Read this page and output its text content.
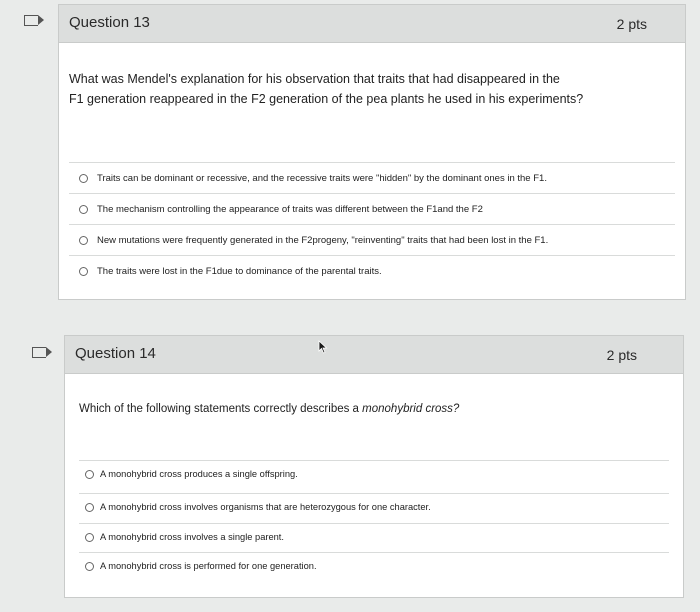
Question 13	2 pts
What was Mendel's explanation for his observation that traits that had disappeared in the
F1 generation reappeared in the F2 generation of the pea plants he used in his experiments?
Traits can be dominant or recessive, and the recessive traits were "hidden" by the dominant ones in the F1.
The mechanism controlling the appearance of traits was different between the F1and the F2
New mutations were frequently generated in the F2progeny, "reinventing" traits that had been lost in the F1.
The traits were lost in the F1due to dominance of the parental traits.
Question 14	2 pts
Which of the following statements correctly describes a monohybrid cross?
A monohybrid cross produces a single offspring.
A monohybrid cross involves organisms that are heterozygous for one character.
A monohybrid cross involves a single parent.
A monohybrid cross is performed for one generation.
